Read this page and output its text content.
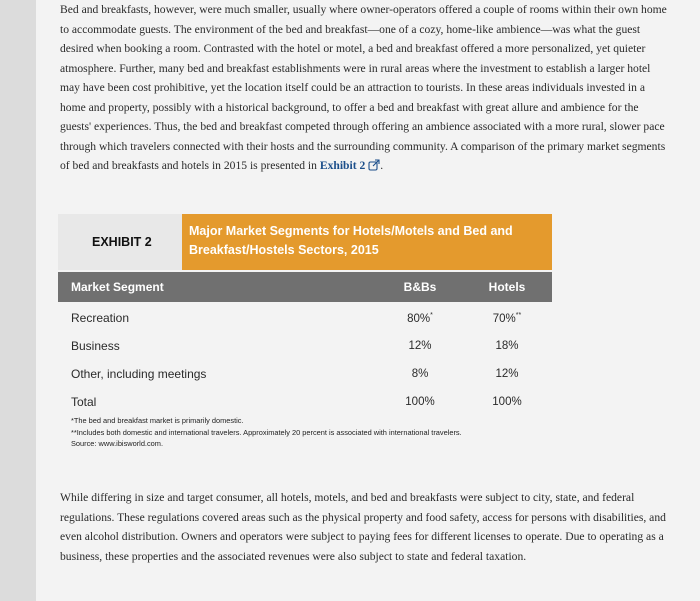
Bed and breakfasts, however, were much smaller, usually where owner-operators offered a couple of rooms within their own home to accommodate guests. The environment of the bed and breakfast—one of a cozy, home-like ambience—was what the guest desired when booking a room. Contrasted with the hotel or motel, a bed and breakfast offered a more personalized, yet quieter atmosphere. Further, many bed and breakfast establishments were in rural areas where the investment to establish a larger hotel may have been cost prohibitive, yet the location itself could be an attraction to tourists. In these areas individuals invested in a home and property, possibly with a historical background, to offer a bed and breakfast with great allure and ambience for the guests' experiences. Thus, the bed and breakfast competed through offering an ambience associated with a more rural, slower pace through which travelers connected with their hosts and the surrounding community. A comparison of the primary market segments of bed and breakfasts and hotels in 2015 is presented in Exhibit 2 .

EXHIBIT 2
Major Market Segments for Hotels/Motels and Bed and
Breakfast/Hostels Sectors, 2015
Market Segment	B&Bs	Hotels
Recreation	80%*	70%**
Business	12%	18%
Other, including meetings	8%	12%
Total	100%	100%
*The bed and breakfast market is primarily domestic.
**Includes both domestic and international travelers. Approximately 20 percent is associated with international travelers.
Source: www.ibisworld.com.

While differing in size and target consumer, all hotels, motels, and bed and breakfasts were subject to city, state, and federal regulations. These regulations covered areas such as the physical property and food safety, access for persons with disabilities, and even alcohol distribution. Owners and operators were subject to paying fees for different licenses to operate. Due to operating as a business, these properties and the associated revenues were also subject to state and federal taxation.
